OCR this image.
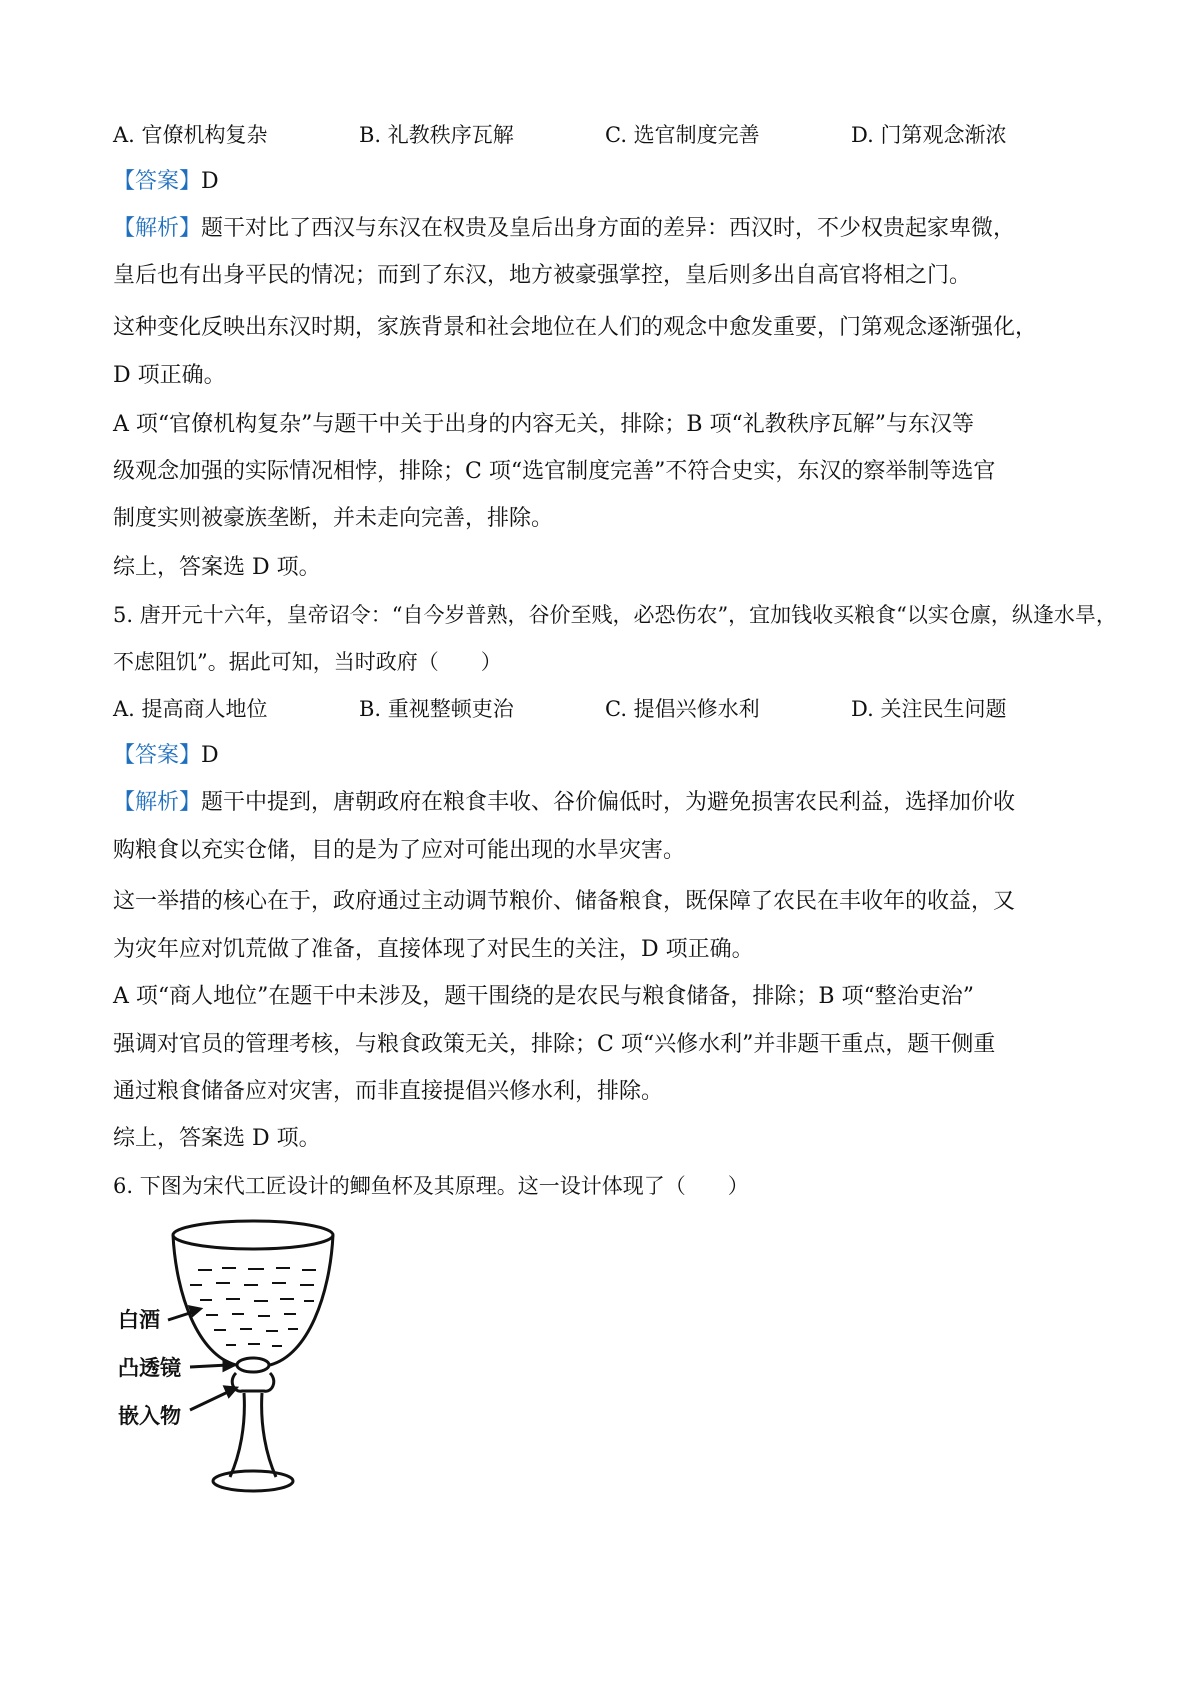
A. 官僚机构复杂	B. 礼教秩序瓦解	C. 选官制度完善	D. 门第观念渐浓
【答案】D
【解析】题干对比了西汉与东汉在权贵及皇后出身方面的差异：西汉时，不少权贵起家卑微，
皇后也有出身平民的情况；而到了东汉，地方被豪强掌控，皇后则多出自高官将相之门。
这种变化反映出东汉时期，家族背景和社会地位在人们的观念中愈发重要，门第观念逐渐强化，
D 项正确。
A 项“官僚机构复杂”与题干中关于出身的内容无关，排除；B 项“礼教秩序瓦解”与东汉等
级观念加强的实际情况相悖，排除；C 项“选官制度完善”不符合史实，东汉的察举制等选官
制度实则被豪族垄断，并未走向完善，排除。
综上，答案选 D 项。
5. 唐开元十六年，皇帝诏令：“自今岁普熟，谷价至贱，必恐伤农”，宜加钱收买粮食“以实仓廪，纵逢水旱，
不虑阻饥”。据此可知，当时政府（　　）
A. 提高商人地位	B. 重视整顿吏治	C. 提倡兴修水利	D. 关注民生问题
【答案】D
【解析】题干中提到，唐朝政府在粮食丰收、谷价偏低时，为避免损害农民利益，选择加价收
购粮食以充实仓储，目的是为了应对可能出现的水旱灾害。
这一举措的核心在于，政府通过主动调节粮价、储备粮食，既保障了农民在丰收年的收益，又
为灾年应对饥荒做了准备，直接体现了对民生的关注，D 项正确。
A 项“商人地位”在题干中未涉及，题干围绕的是农民与粮食储备，排除；B 项“整治吏治”
强调对官员的管理考核，与粮食政策无关，排除；C 项“兴修水利”并非题干重点，题干侧重
通过粮食储备应对灾害，而非直接提倡兴修水利，排除。
综上，答案选 D 项。
6. 下图为宋代工匠设计的鲫鱼杯及其原理。这一设计体现了（　　）
白酒
凸透镜
嵌入物
